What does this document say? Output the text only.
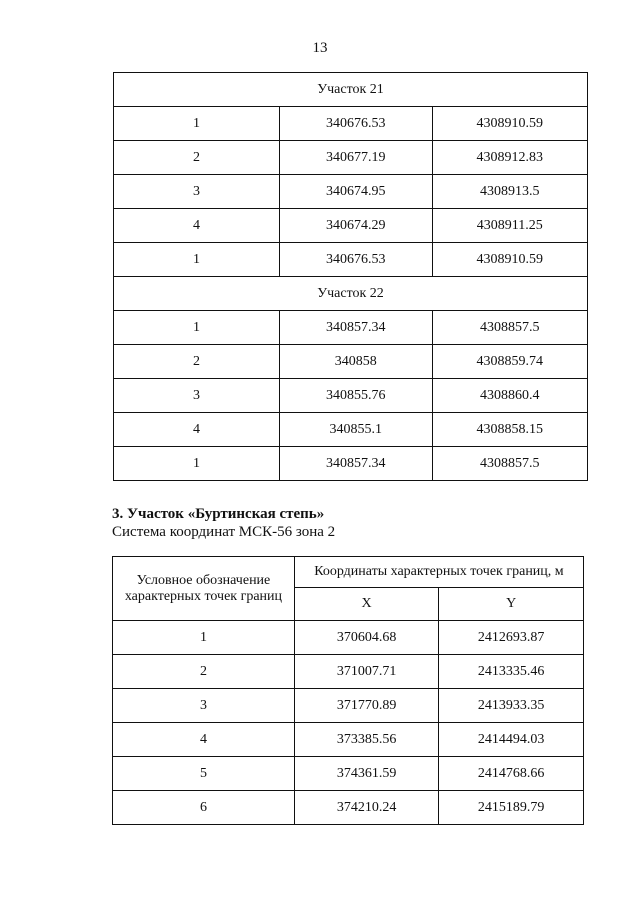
13
Участок 21		
1	340676.53	4308910.59
2	340677.19	4308912.83
3	340674.95	4308913.5
4	340674.29	4308911.25
1	340676.53	4308910.59
Участок 22		
1	340857.34	4308857.5
2	340858	4308859.74
3	340855.76	4308860.4
4	340855.1	4308858.15
1	340857.34	4308857.5
3. Участок «Буртинская степь»
Система координат МСК-56 зона 2
Условное обозначение характерных точек границ	Координаты характерных точек границ, м	
	X	Y
1	370604.68	2412693.87
2	371007.71	2413335.46
3	371770.89	2413933.35
4	373385.56	2414494.03
5	374361.59	2414768.66
6	374210.24	2415189.79
